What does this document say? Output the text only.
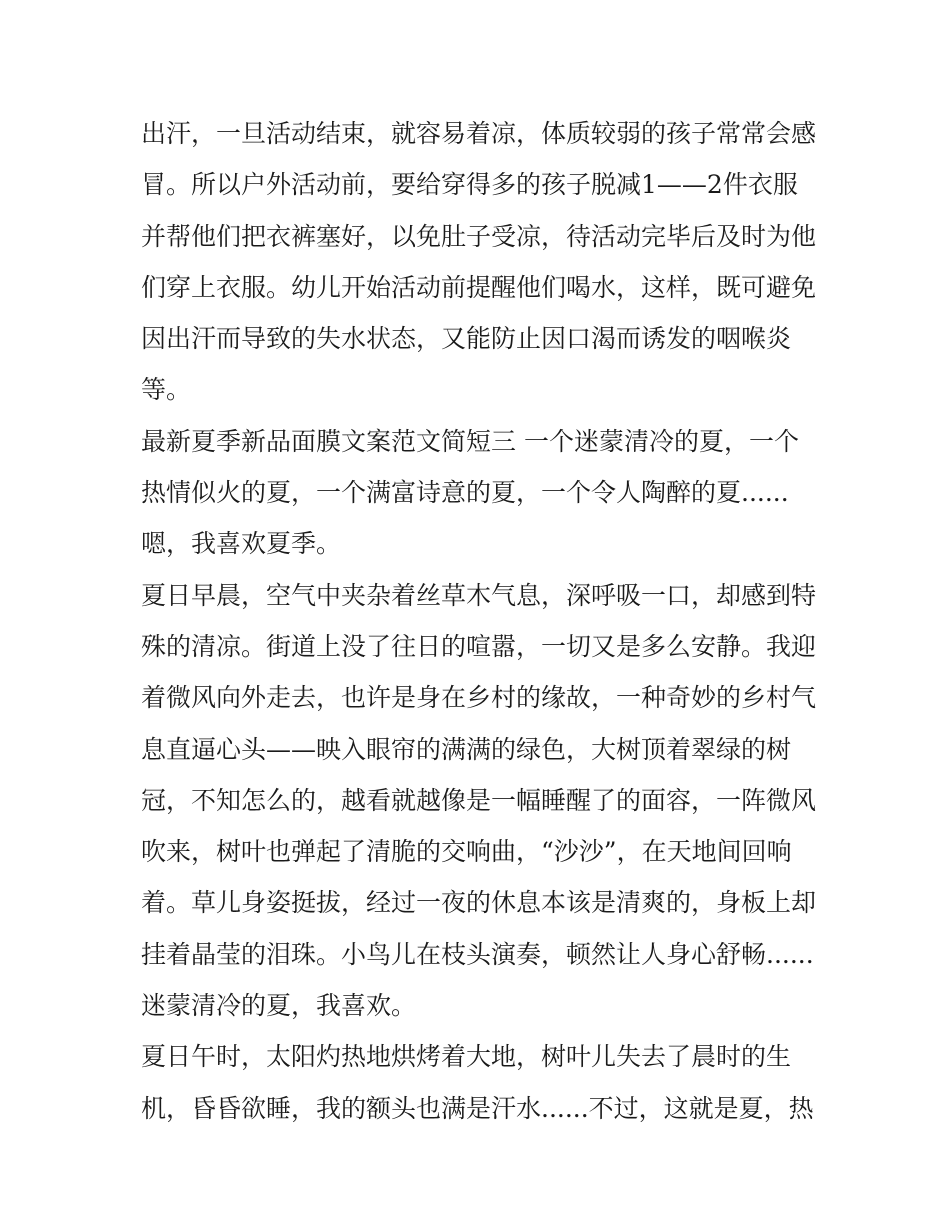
出汗，一旦活动结束，就容易着凉，体质较弱的孩子常常会感
冒。所以户外活动前，要给穿得多的孩子脱减1——2件衣服
并帮他们把衣裤塞好，以免肚子受凉，待活动完毕后及时为他
们穿上衣服。幼儿开始活动前提醒他们喝水，这样，既可避免
因出汗而导致的失水状态，又能防止因口渴而诱发的咽喉炎
等。
最新夏季新品面膜文案范文简短三 一个迷蒙清冷的夏，一个
热情似火的夏，一个满富诗意的夏，一个令人陶醉的夏......
嗯，我喜欢夏季。
夏日早晨，空气中夹杂着丝草木气息，深呼吸一口，却感到特
殊的清凉。街道上没了往日的喧嚣，一切又是多么安静。我迎
着微风向外走去，也许是身在乡村的缘故，一种奇妙的乡村气
息直逼心头——映入眼帘的满满的绿色，大树顶着翠绿的树
冠，不知怎么的，越看就越像是一幅睡醒了的面容，一阵微风
吹来，树叶也弹起了清脆的交响曲，“沙沙”，在天地间回响
着。草儿身姿挺拔，经过一夜的休息本该是清爽的，身板上却
挂着晶莹的泪珠。小鸟儿在枝头演奏，顿然让人身心舒畅......
迷蒙清冷的夏，我喜欢。
夏日午时，太阳灼热地烘烤着大地，树叶儿失去了晨时的生
机，昏昏欲睡，我的额头也满是汗水......不过，这就是夏，热
